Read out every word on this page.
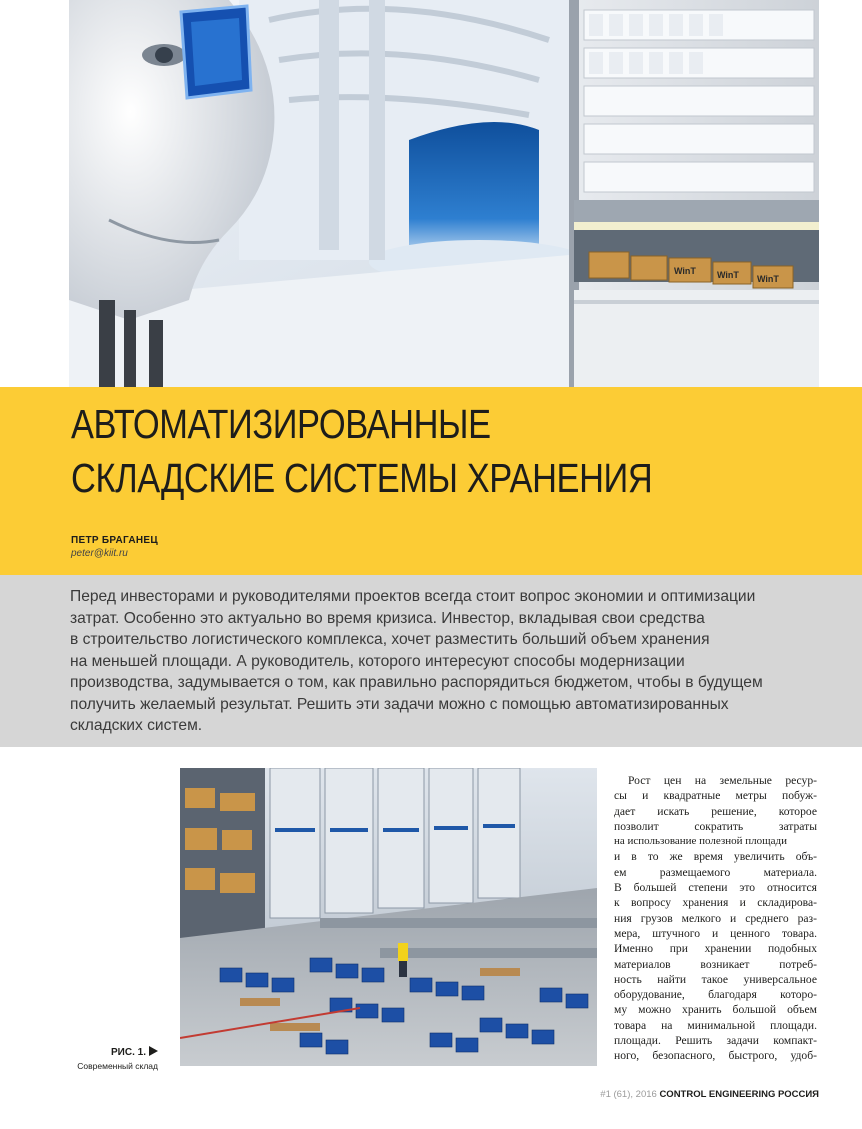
WinT WinT WinT
АВТОМАТИЗИРОВАННЫЕ
СКЛАДСКИЕ СИСТЕМЫ ХРАНЕНИЯ
ПЕТР БРАГАНЕЦ
peter@kiit.ru

Перед инвесторами и руководителями проектов всегда стоит вопрос экономии и оптимизации
затрат. Особенно это актуально во время кризиса. Инвестор, вкладывая свои средства
в строительство логистического комплекса, хочет разместить больший объем хранения
на меньшей площади. А руководитель, которого интересуют способы модернизации
производства, задумывается о том, как правильно распорядиться бюджетом, чтобы в будущем
получить желаемый результат. Решить эти задачи можно с помощью автоматизированных
складских систем.

РИС. 1.
Современный склад
Рост цен на земельные ресур-
сы и квадратные метры побуж-
дает искать решение, которое
позволит сократить затраты
на использование полезной площади
и в то же время увеличить объ-
ем размещаемого материала.
В большей степени это относится
к вопросу хранения и складирова-
ния грузов мелкого и среднего раз-
мера, штучного и ценного товара.
Именно при хранении подобных
материалов возникает потреб-
ность найти такое универсальное
оборудование, благодаря которо-
му можно хранить большой объем
товара на минимальной площади.
площади. Решить задачи компакт-
ного, безопасного, быстрого, удоб-
#1 (61), 2016 CONTROL ENGINEERING РОССИЯ
